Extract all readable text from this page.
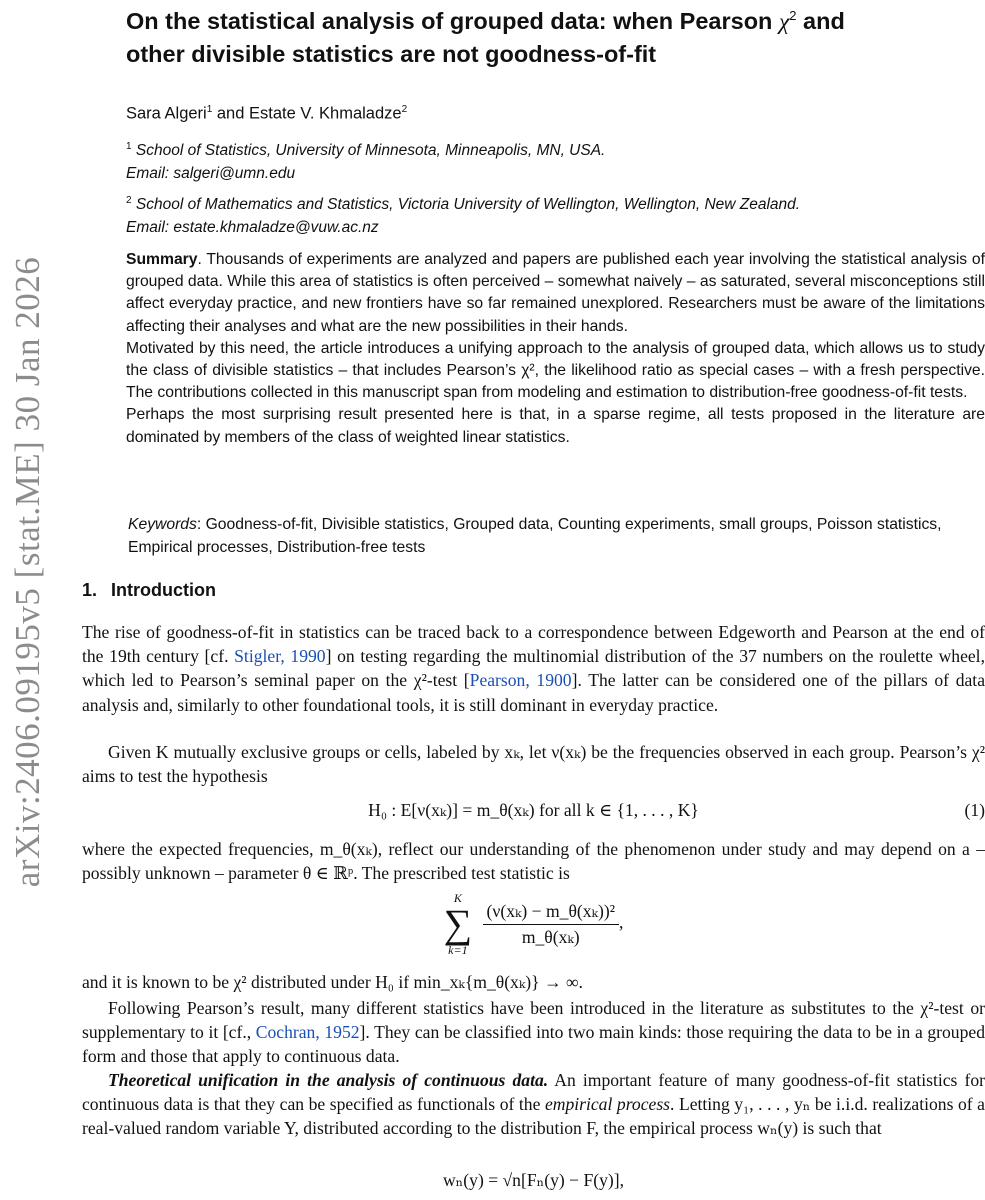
arXiv:2406.09195v5 [stat.ME] 30 Jan 2026
On the statistical analysis of grouped data: when Pearson $\chi^2$ and
other divisible statistics are not goodness-of-fit
Sara Algeri$^1$ and Estate V. Khmaladze$^2$
$^1$ School of Statistics, University of Minnesota, Minneapolis, MN, USA.
Email: salgeri@umn.edu
$^2$ School of Mathematics and Statistics, Victoria University of Wellington, Wellington, New Zealand.
Email: estate.khmaladze@vuw.ac.nz

Summary. Thousands of experiments are analyzed and papers are published each year involving the statistical analysis of grouped data. While this area of statistics is often perceived – somewhat naively – as saturated, several misconceptions still affect everyday practice, and new frontiers have so far remained unexplored. Researchers must be aware of the limitations affecting their analyses and what are the new possibilities in their hands.

Motivated by this need, the article introduces a unifying approach to the analysis of grouped data, which allows us to study the class of divisible statistics – that includes Pearson’s χ², the likelihood ratio as special cases – with a fresh perspective. The contributions collected in this manuscript span from modeling and estimation to distribution-free goodness-of-fit tests.

Perhaps the most surprising result presented here is that, in a sparse regime, all tests proposed in the literature are dominated by members of the class of weighted linear statistics.

Keywords: Goodness-of-fit, Divisible statistics, Grouped data, Counting experiments, small groups, Poisson statistics, Empirical processes, Distribution-free tests
1. Introduction

The rise of goodness-of-fit in statistics can be traced back to a correspondence between Edgeworth and Pearson at the end of the 19th century [cf. Stigler, 1990] on testing regarding the multinomial distribution of the 37 numbers on the roulette wheel, which led to Pearson’s seminal paper on the χ²-test [Pearson, 1900]. The latter can be considered one of the pillars of data analysis and, similarly to other foundational tools, it is still dominant in everyday practice.

Given K mutually exclusive groups or cells, labeled by xₖ, let ν(xₖ) be the frequencies observed in each group. Pearson’s χ² aims to test the hypothesis

H₀ : E[ν(xₖ)] = m_θ(xₖ) for all k ∈ {1, . . . , K}	(1)

where the expected frequencies, m_θ(xₖ), reflect our understanding of the phenomenon under study and may depend on a – possibly unknown – parameter θ ∈ ℝᵖ. The prescribed test statistic is

K
∑
k=1

$\frac{\text{(ν(xₖ) − m\_θ(xₖ))²}}{\text{m\_θ(xₖ)}}$ ,

and it is known to be χ² distributed under H₀ if min_xₖ{m_θ(xₖ)} → ∞.

Following Pearson’s result, many different statistics have been introduced in the literature as substitutes to the χ²-test or supplementary to it [cf., Cochran, 1952]. They can be classified into two main kinds: those requiring the data to be in a grouped form and those that apply to continuous data.

Theoretical unification in the analysis of continuous data. An important feature of many goodness-of-fit statistics for continuous data is that they can be specified as functionals of the empirical process. Letting y₁, . . . , yₙ be i.i.d. realizations of a real-valued random variable Y, distributed according to the distribution F, the empirical process wₙ(y) is such that

wₙ(y) = √n[Fₙ(y) − F(y)],
